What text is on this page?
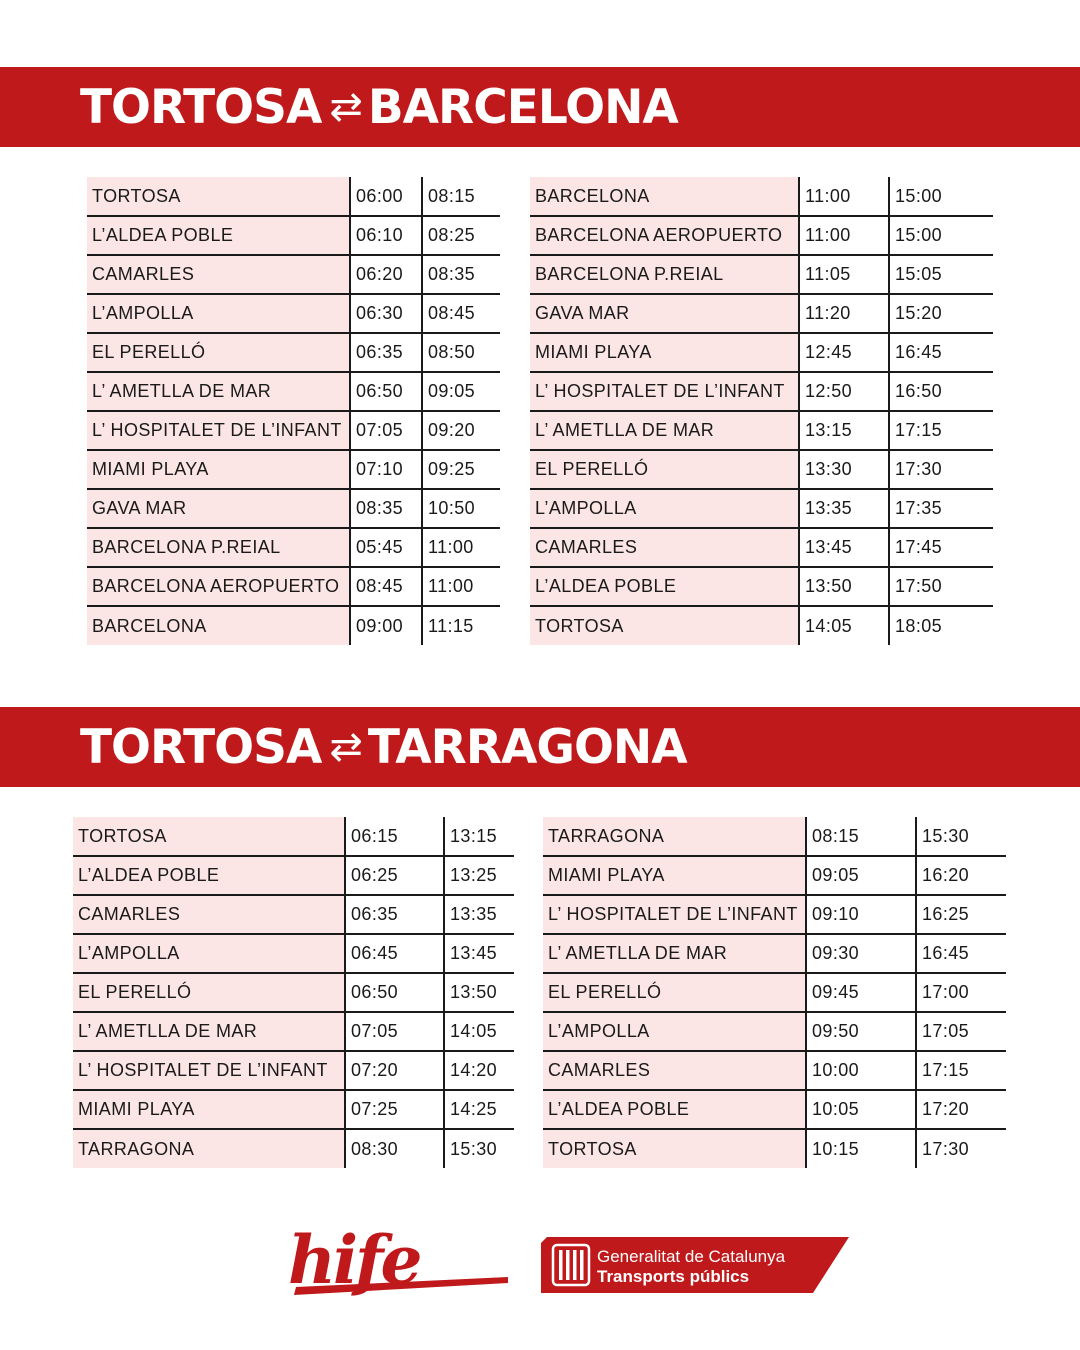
TORTOSA ⇄ BARCELONA
TORTOSA	06:00	08:15
L’ALDEA POBLE	06:10	08:25
CAMARLES	06:20	08:35
L’AMPOLLA	06:30	08:45
EL PERELLÓ	06:35	08:50
L’ AMETLLA DE MAR	06:50	09:05
L’ HOSPITALET DE L’INFANT	07:05	09:20
MIAMI PLAYA	07:10	09:25
GAVA MAR	08:35	10:50
BARCELONA P.REIAL	05:45	11:00
BARCELONA AEROPUERTO	08:45	11:00
BARCELONA	09:00	11:15
BARCELONA	11:00	15:00
BARCELONA AEROPUERTO	11:00	15:00
BARCELONA P.REIAL	11:05	15:05
GAVA MAR	11:20	15:20
MIAMI PLAYA	12:45	16:45
L’ HOSPITALET DE L’INFANT	12:50	16:50
L’ AMETLLA DE MAR	13:15	17:15
EL PERELLÓ	13:30	17:30
L’AMPOLLA	13:35	17:35
CAMARLES	13:45	17:45
L’ALDEA POBLE	13:50	17:50
TORTOSA	14:05	18:05
TORTOSA ⇄ TARRAGONA
TORTOSA	06:15	13:15
L’ALDEA POBLE	06:25	13:25
CAMARLES	06:35	13:35
L’AMPOLLA	06:45	13:45
EL PERELLÓ	06:50	13:50
L’ AMETLLA DE MAR	07:05	14:05
L’ HOSPITALET DE L’INFANT	07:20	14:20
MIAMI PLAYA	07:25	14:25
TARRAGONA	08:30	15:30
TARRAGONA	08:15	15:30
MIAMI PLAYA	09:05	16:20
L’ HOSPITALET DE L’INFANT	09:10	16:25
L’ AMETLLA DE MAR	09:30	16:45
EL PERELLÓ	09:45	17:00
L’AMPOLLA	09:50	17:05
CAMARLES	10:00	17:15
L’ALDEA POBLE	10:05	17:20
TORTOSA	10:15	17:30
hife	Generalitat de Catalunya
Transports públics
